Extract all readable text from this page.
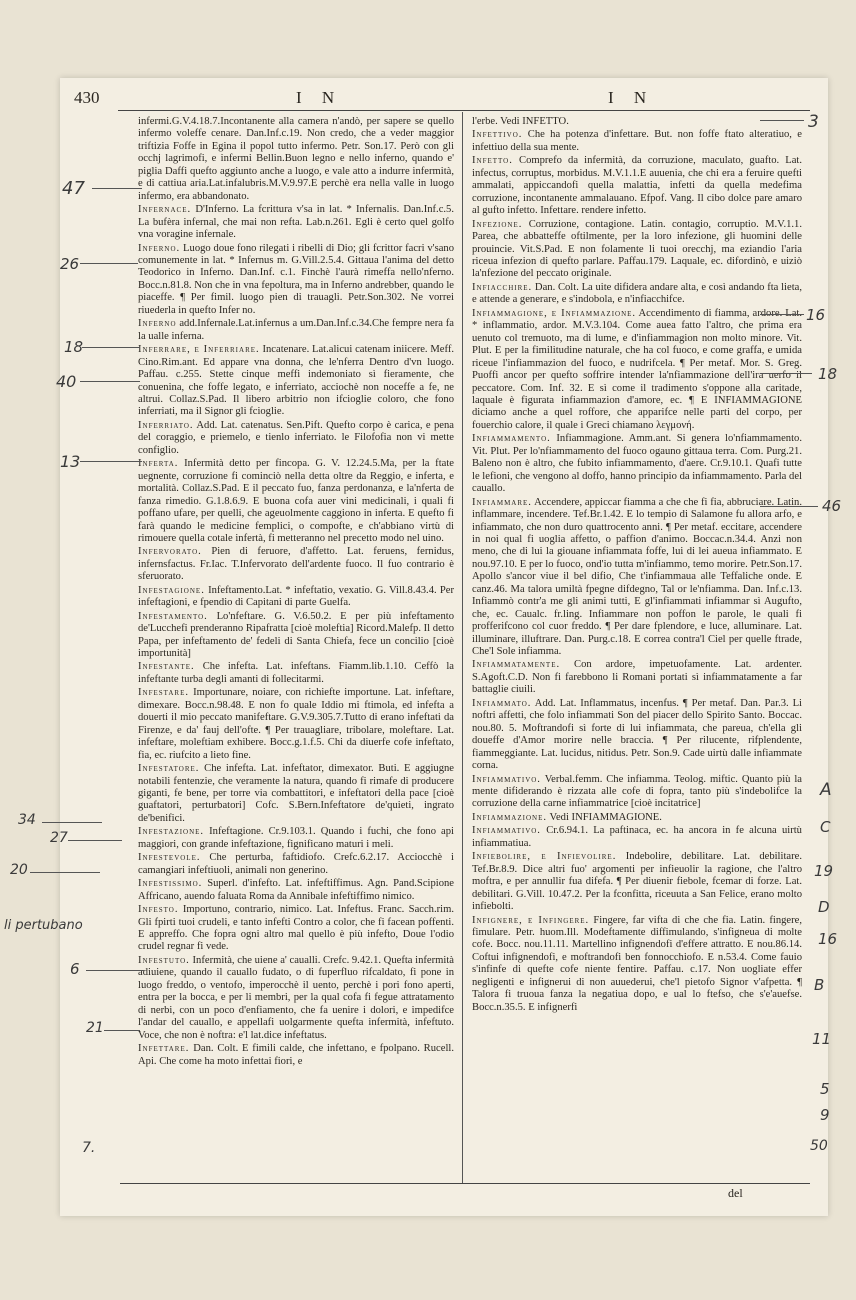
430	I N	I N

infermi.G.V.4.18.7.Incontanente alla camera n'andò, per sapere se quello infermo voleffe cenare. Dan.Inf.c.19. Non credo, che a veder maggior triftizia Foffe in Egina il popol tutto infermo. Petr. Son.17. Però con gli occhj lagrimofi, e infermi Bellin.Buon legno e nello inferno, quando e' piglia Daffi quefto aggiunto anche a luogo, e vale atto a indurre infermità, e di cattiua aria.Lat.infalubris.M.V.9.97.E perchè era nella valle in luogo infermo, era abbandonato.

Infernace. D'Inferno. La fcrittura v'sa in lat. * Infernalis. Dan.Inf.c.5. La bufèra infernal, che mai non refta. Lab.n.261. Egli è certo quel golfo vna voragine infernale.

Inferno. Luogo doue fono rilegati i ribelli di Dio; gli fcrittor facri v'sano comunemente in lat. * Infernus m. G.Vill.2.5.4. Gittaua l'anima del detto Teodorico in Inferno. Dan.Inf. c.1. Finchè l'aurà rimeffa nello'nferno. Bocc.n.81.8. Non che in vna fepoltura, ma in Inferno andrebber, quando le piaceffe. ¶ Per fimil. luogo pien di trauagli. Petr.Son.302. Ne vorrei riuederla in quefto Infer no.

Inferno add.Infernale.Lat.infernus a um.Dan.Inf.c.34.Che fempre nera fa la ualle inferna.

Inferrare, e Inferriare. Incatenare. Lat.alicui catenam iniicere. Meff. Cino.Rim.ant. Ed appare vna donna, che le'nferra Dentro d'vn luogo. Paffau. c.255. Stette cinque meffi indemoniato sì fieramente, che conuenina, che foffe legato, e inferriato, acciochè non noceffe a fe, ne altrui. Collaz.S.Pad. Il libero arbitrio non ifcioglie coloro, che fono inferriati, ma il Signor gli fcioglie.

Inferriato. Add. Lat. catenatus. Sen.Pift. Quefto corpo è carica, e pena del coraggio, e priemelo, e tienlo inferriato. le Filofofia non vi mette configlio.

Inferta. Infermità detto per fincopa. G. V. 12.24.5.Ma, per la ftate uegnente, corruzione fi cominciò nella detta oltre da Reggio, e inferta, e mortalità. Collaz.S.Pad. E il peccato fuo, fanza perdonanza, e la'nferta de fanza rimedio. G.1.8.6.9. E buona cofa auer vini medicinali, i quali fi poffano ufare, per quelli, che ageuolmente caggiono in inferta. E quefto fi farà quando le medicine femplici, o compofte, e ch'abbiano virtù di rimouere quella cotale infertà, fi metteranno nel precetto modo nel uino.

Infervorato. Pien di feruore, d'affetto. Lat. feruens, fernidus, infernsfactus. Fr.Iac. T.Infervorato dell'ardente fuoco. Il fuo contrario è sferuorato.

Infestagione. Infeftamento.Lat. * infeftatio, vexatio. G. Vill.8.43.4. Per infeftagioni, e fpendio di Capitani di parte Guelfa.

Infestamento. Lo'nfeftare. G. V.6.50.2. E per più infeftamento de'Lucchefi prenderanno Ripafratta [cioè moleftia] Ricord.Malefp. Il detto Papa, per infeftamento de' fedeli di Santa Chiefa, fece un concilio [cioè importunità]

Infestante. Che infefta. Lat. infeftans. Fiamm.lib.1.10. Ceffò la infeftante turba degli amanti di follecitarmi.

Infestare. Importunare, noiare, con richiefte importune. Lat. infeftare, dimexare. Bocc.n.98.48. E non fo quale Iddio mi ftimola, ed infefta a douerti il mio peccato manifeftare. G.V.9.305.7.Tutto di erano infeftati da Firenze, e da' fauj dell'ofte. ¶ Per trauagliare, tribolare, moleftare. Lat. infeftare, moleftiam exhibere. Bocc.g.1.f.5. Chi da diuerfe cofe infeftato, fia, ec. riufcito a lieto fine.

Infestatore. Che infefta. Lat. infeftator, dimexator. Buti. E aggiugne notabili fentenzie, che veramente la natura, quando fi rimafe di producere giganti, fe bene, per torre via combattitori, e infeftatori della pace [cioè guaftatori, perturbatori] Cofc. S.Bern.Infeftatore de'quieti, ingrato de'benifici.

Infestazione. Infeftagione. Cr.9.103.1. Quando i fuchi, che fono api maggiori, con grande infeftazione, fignificano maturi i meli.

Infestevole. Che perturba, faftidiofo. Crefc.6.2.17. Acciocchè i camangiari infeftiuoli, animali non generino.

Infestissimo. Superl. d'infefto. Lat. infeftiffimus. Agn. Pand.Scipione Affricano, auendo faluata Roma da Annibale infeftiffimo nimico.

Infesto. Importuno, contrario, nimico. Lat. Infeftus. Franc. Sacch.rim. Gli fpirti tuoi crudeli, e tanto infefti Contro a color, che fi facean poffenti. E appreffo. Che fopra ogni altro mal quello è più infefto, Doue l'odio crudel regnar fi vede.

Infestuto. Infermità, che uiene a' caualli. Crefc. 9.42.1. Quefta infermità adiuiene, quando il cauallo fudato, o di fuperfluo rifcaldato, fi pone in luogo freddo, o ventofo, imperocchè il uento, perchè i pori fono aperti, entra per la bocca, e per li membri, per la qual cofa fi fegue attratamento di nerbi, con un poco d'enfiamento, che fa uenire i dolori, e impedifce l'andar del cauallo, e appellafi uolgarmente quefta infermità, infeftuto. Voce, che non è noftra: e'l lat.dice infeftatus.

Infettare. Dan. Colt. E fimili calde, che infettano, e fpolpano. Rucell. Api. Che come ha moto infettai fiori, e

l'erbe. Vedi INFETTO.

Infettivo. Che ha potenza d'infettare. But. non foffe ftato alteratiuo, e infettiuo della sua mente.

Infetto. Comprefo da infermità, da corruzione, maculato, guafto. Lat. infectus, corruptus, morbidus. M.V.1.1.E auuenia, che chi era a feruire quefti ammalati, appiccandofi quella malattia, infetti da quella medefima corruzione, incontanente ammalauano. Efpof. Vang. Il cibo dolce pare amaro al gufto infetto. Infettare. rendere infetto.

Infezione. Corruzione, contagione. Latin. contagio, corruptio. M.V.1.1. Parea, che abbatteffe oftilmente, per la loro infezione, gli huomini delle prouincie. Vit.S.Pad. E non folamente li tuoi orecchj, ma eziandio l'aria riceua infezion di quefto parlare. Paffau.179. Laquale, ec. difordinò, e uiziò la'nfezione del peccato originale.

Infiacchire. Dan. Colt. La uite difidera andare alta, e così andando fta lieta, e attende a generare, e s'indobola, e n'infiacchifce.

Infiammagione, e Infiammazione. Accendimento di fiamma, ardore. Lat. * inflammatio, ardor. M.V.3.104. Come auea fatto l'altro, che prima era uenuto col tremuoto, ma di lume, e d'infiammagion non molto minore. Vit. Plut. E per la fimilitudine naturale, che ha col fuoco, e come graffa, e umida riceue l'infiammazion del fuoco, e nudrifcela. ¶ Per metaf. Mor. S. Greg. Puoffi ancor per quefto soffrire intender la'nfiammazione dell'ira uerfo il peccatore. Com. Inf. 32. E sì come il tradimento s'oppone alla caritade, laquale è figurata infiammazion d'amore, ec. ¶ E INFIAMMAGIONE diciamo anche a quel roffore, che apparifce nelle parti del corpo, per fouerchio calore, il quale i Greci chiamano λεγμονή.

Infiammamento. Infiammagione. Amm.ant. Si genera lo'nfiammamento. Vit. Plut. Per lo'nfiammamento del fuoco ogauno gittaua terra. Com. Purg.21. Baleno non è altro, che fubito infiammamento, d'aere. Cr.9.10.1. Quafi tutte le lefioni, che vengono al doffo, hanno principio da infiammamento. Parla del cauallo.

Infiammare. Accendere, appiccar fiamma a che che fi fia, abbruciare. Latin. inflammare, incendere. Tef.Br.1.42. E lo tempio di Salamone fu allora arfo, e infiammato, che non duro quattrocento anni. ¶ Per metaf. eccitare, accendere in noi qual fi uoglia affetto, o paffion d'animo. Boccac.n.34.4. Anzi non meno, che di lui la giouane infiammata foffe, lui di lei aueua infiammato. E nou.97.10. E per lo fuoco, ond'io tutta m'infiammo, temo morire. Petr.Son.17. Apollo s'ancor viue il bel difio, Che t'infiammaua alle Teffaliche onde. E canz.46. Ma talora umiltà fpegne difdegno, Tal or le'nfiamma. Dan. Inf.c.13. Infiammò contr'a me gli animi tutti, E gl'infiammati infiammar sì Augufto, che, ec. Caualc. fr.ling. Infiammare non poffon le parole, le quali fi profferifcono col cuor freddo. ¶ Per dare fplendore, e luce, alluminare. Lat. illuminare, illuftrare. Dan. Purg.c.18. E correa contra'l Ciel per quelle ftrade, Che'l Sole infiamma.

Infiammatamente. Con ardore, impetuofamente. Lat. ardenter. S.Agoft.C.D. Non fi farebbono li Romani portati sì infiammatamente a far battaglie ciuili.

Infiammato. Add. Lat. Inflammatus, incenfus. ¶ Per metaf. Dan. Par.3. Li noftri affetti, che folo infiammati Son del piacer dello Spirito Santo. Boccac. nou.80. 5. Moftrandofi sì forte di lui infiammata, che pareua, ch'ella gli doueffe d'Amor morire nelle braccia. ¶ Per rilucente, rifplendente, fiammeggiante. Lat. lucidus, nitidus. Petr. Son.9. Cade uirtù dalle infiammate corna.

Infiammativo. Verbal.femm. Che infiamma. Teolog. miftic. Quanto più la mente difiderando è rizzata alle cofe di fopra, tanto più s'indebolifce la corruzione della carne infiammatrice [cioè incitatrice]

Infiammazione. Vedi INFIAMMAGIONE.

Infiammativo. Cr.6.94.1. La paftinaca, ec. ha ancora in fe alcuna uirtù infiammatiua.

Infiebolire, e Infievolire. Indebolire, debilitare. Lat. debilitare. Tef.Br.8.9. Dice altri fuo' argomenti per infieuolir la ragione, che l'altro moftra, e per annullir fua difefa. ¶ Per diuenir fiebole, fcemar di forze. Lat. debilitari. G.Vill. 10.47.2. Per la fconfitta, riceuuta a San Felice, erano molto infiebolti.

Infignere, e Infingere. Fingere, far vifta di che che fia. Latin. fingere, fimulare. Petr. huom.Ill. Modeftamente diffimulando, s'infigneua di molte cofe. Bocc. nou.11.11. Martellino infignendofi d'effere attratto. E nou.86.14. Coftui infignendofi, e moftrandofi ben fonnocchiofo. E n.53.4. Come fauio s'infinfe di quefte cofe niente fentire. Paffau. c.17. Non uogliate effer negligenti e infignerui di non auuederui, che'l pietofo Signor v'afpetta. ¶ Talora fi truoua fanza la negatiua dopo, e ual lo ftefso, che s'e'auefse. Bocc.n.35.5. E infignerfi

del
47
26
18
40
13
34
27
20
li pertubano
6
21
7.
3
16
18
46
A
C
19
D
16
B
11
5
9
50
